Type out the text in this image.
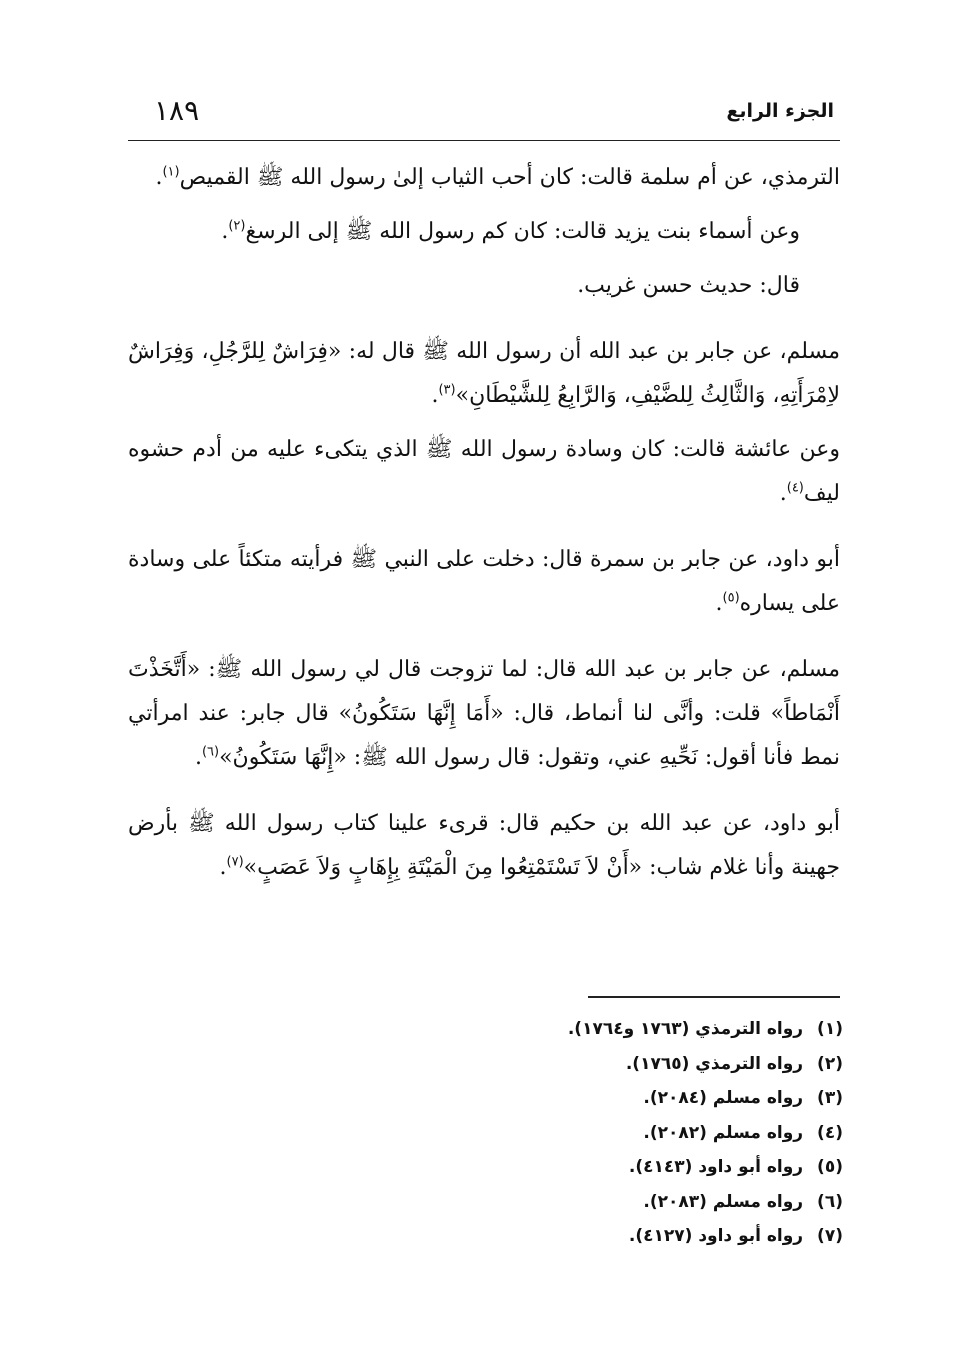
الجزء الرابع
١٨٩

الترمذي، عن أم سلمة قالت: كان أحب الثياب إلىٰ رسول الله ﷺ القميص$^{(١)}$.

وعن أسماء بنت يزيد قالت: كان كم رسول الله ﷺ إلى الرسغ$^{(٢)}$.

قال: حديث حسن غريب.

مسلم، عن جابر بن عبد الله أن رسول الله ﷺ قال له: «فِرَاشٌ لِلرَّجُلِ، وَفِرَاشٌ لاِمْرَأَتِهِ، وَالثَّالِثُ لِلضَّيْفِ، وَالرَّابِعُ لِلشَّيْطَانِ»$^{(٣)}$.

وعن عائشة قالت: كان وسادة رسول الله ﷺ الذي يتكىء عليه من أدم حشوه ليف$^{(٤)}$.

أبو داود، عن جابر بن سمرة قال: دخلت على النبي ﷺ فرأيته متكئاً على وسادة على يساره$^{(٥)}$.

مسلم، عن جابر بن عبد الله قال: لما تزوجت قال لي رسول الله ﷺ: «أَتَّخَذْتَ أَنْمَاطاً» قلت: وأنَّى لنا أنماط، قال: «أَمَا إِنَّهَا سَتَكُونُ» قال جابر: عند امرأتي نمط فأنا أقول: نَحِّيهِ عني، وتقول: قال رسول الله ﷺ: «إِنَّهَا سَتَكُونُ»$^{(٦)}$.

أبو داود، عن عبد الله بن حكيم قال: قرىء علينا كتاب رسول الله ﷺ بأرض جهينة وأنا غلام شاب: «أَنْ لاَ تَسْتَمْتِعُوا مِنَ الْمَيْتَةِ بِإِهَابٍ وَلاَ عَصَبٍ»$^{(٧)}$.

(١) رواه الترمذي (١٧٦٣ و١٧٦٤).
(٢) رواه الترمذي (١٧٦٥).
(٣) رواه مسلم (٢٠٨٤).
(٤) رواه مسلم (٢٠٨٢).
(٥) رواه أبو داود (٤١٤٣).
(٦) رواه مسلم (٢٠٨٣).
(٧) رواه أبو داود (٤١٢٧).
